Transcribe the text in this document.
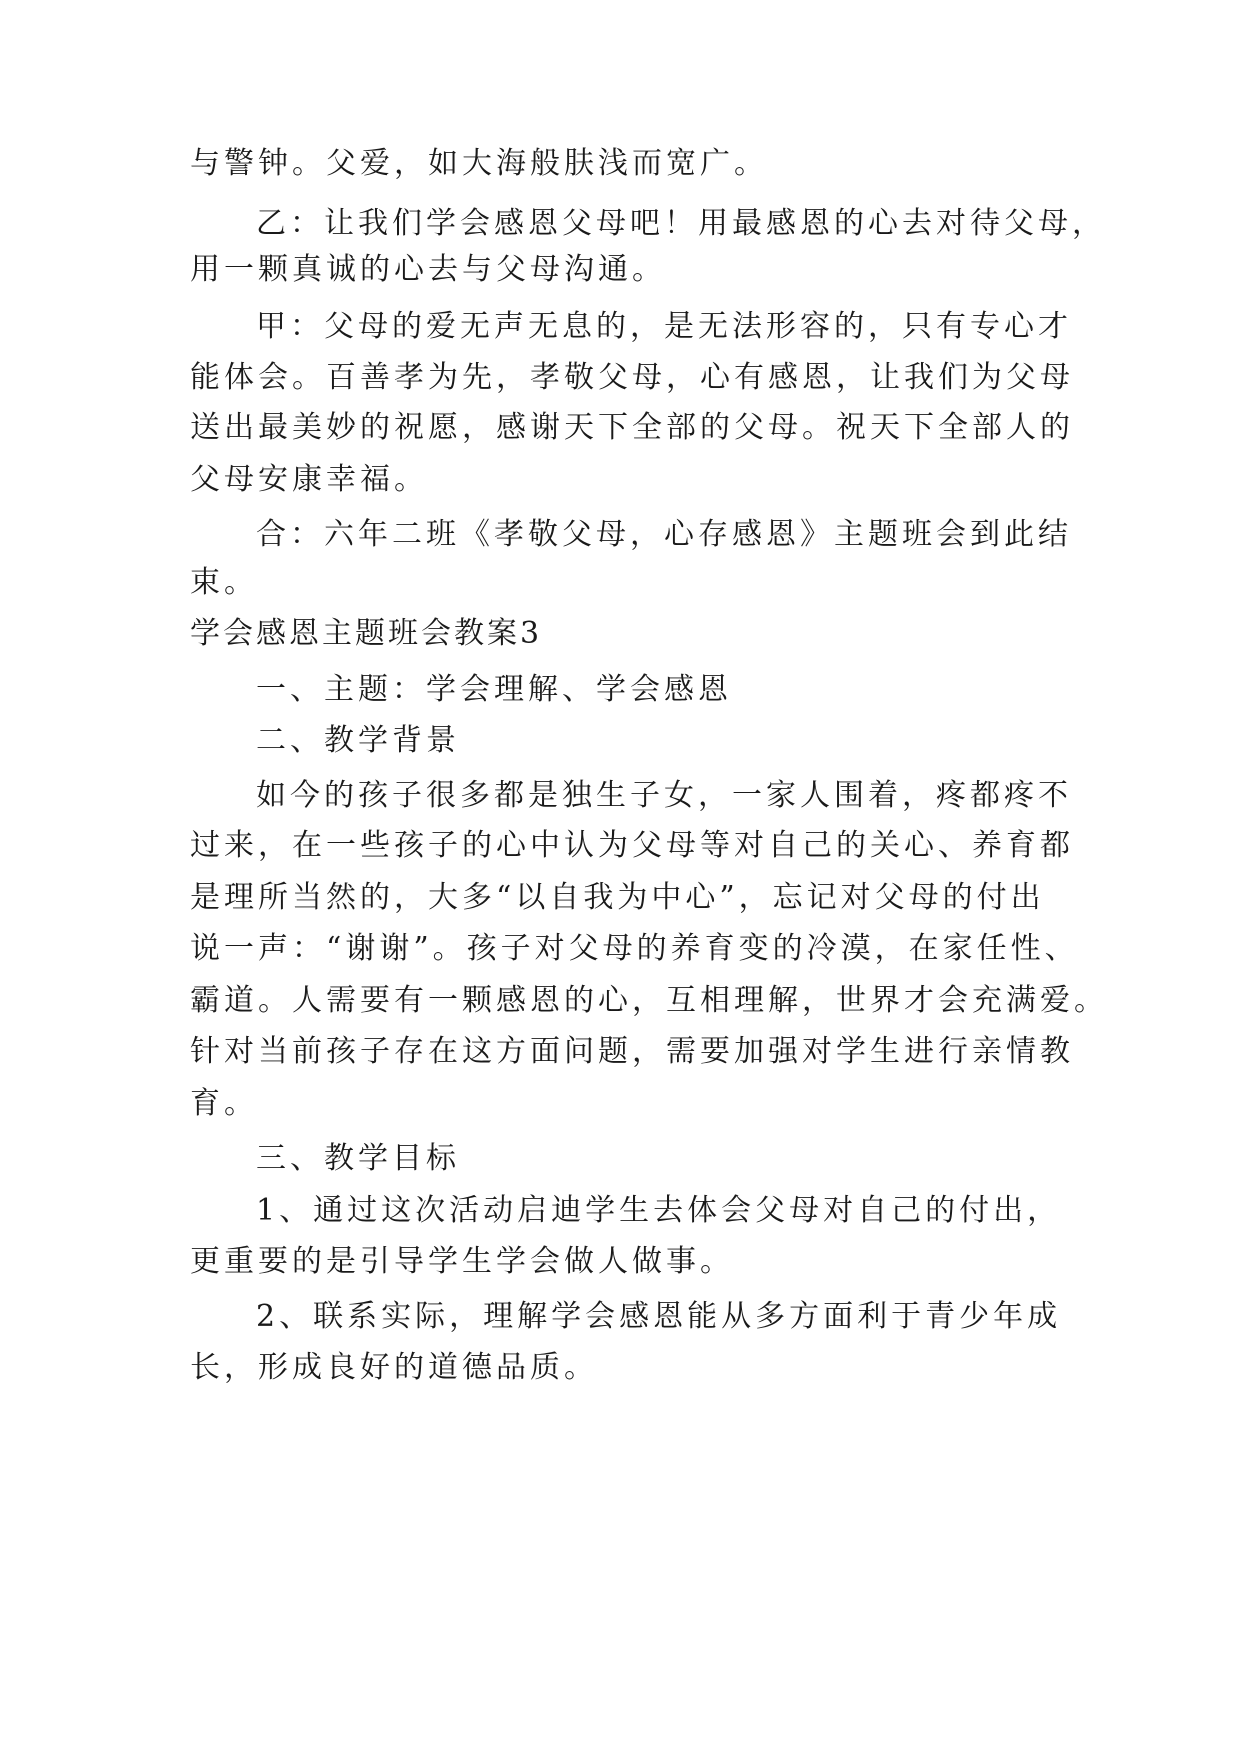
与警钟。父爱，如大海般肤浅而宽广。
乙：让我们学会感恩父母吧！用最感恩的心去对待父母，
用一颗真诚的心去与父母沟通。
甲：父母的爱无声无息的，是无法形容的，只有专心才
能体会。百善孝为先，孝敬父母，心有感恩，让我们为父母
送出最美妙的祝愿，感谢天下全部的父母。祝天下全部人的
父母安康幸福。
合：六年二班《孝敬父母，心存感恩》主题班会到此结
束。
学会感恩主题班会教案3
一、主题：学会理解、学会感恩
二、教学背景
如今的孩子很多都是独生子女，一家人围着，疼都疼不
过来，在一些孩子的心中认为父母等对自己的关心、养育都
是理所当然的，大多“以自我为中心”，忘记对父母的付出
说一声：“谢谢”。孩子对父母的养育变的冷漠，在家任性、
霸道。人需要有一颗感恩的心，互相理解，世界才会充满爱。
针对当前孩子存在这方面问题，需要加强对学生进行亲情教
育。
三、教学目标
1、通过这次活动启迪学生去体会父母对自己的付出，
更重要的是引导学生学会做人做事。
2、联系实际，理解学会感恩能从多方面利于青少年成
长，形成良好的道德品质。
